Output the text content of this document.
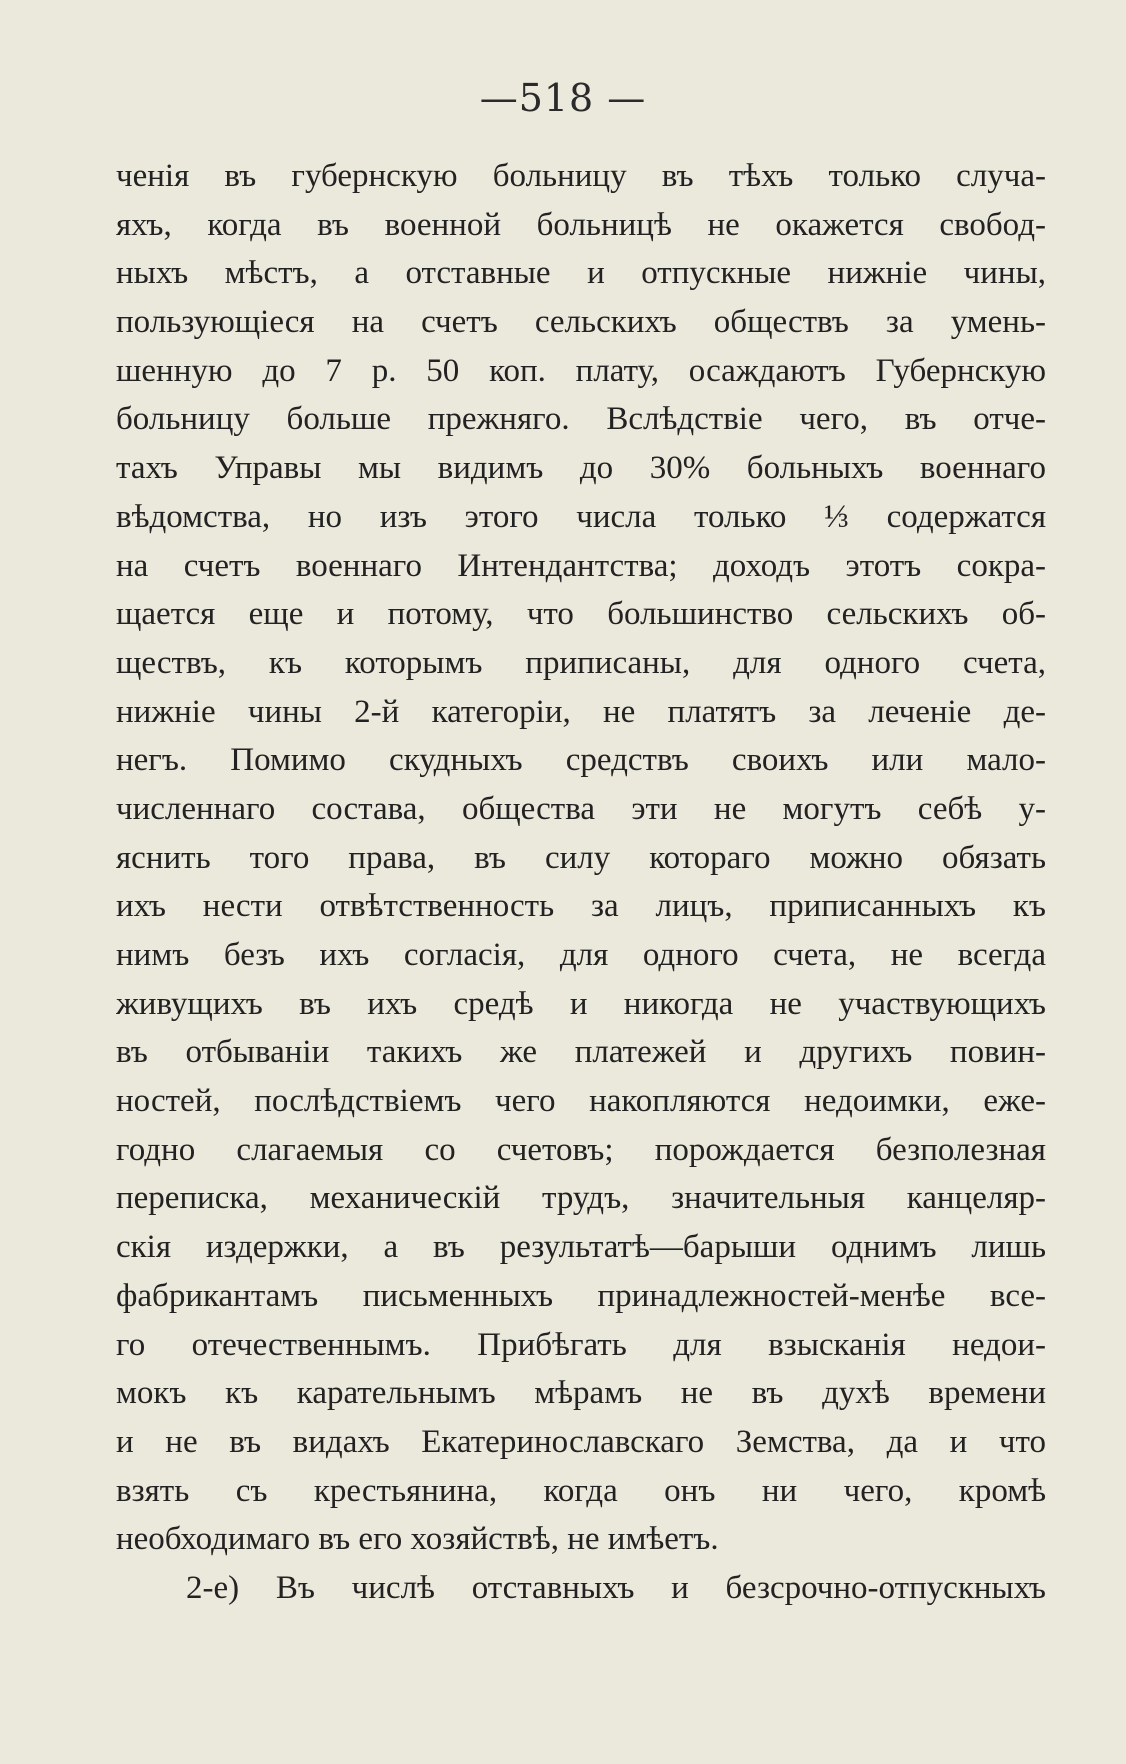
—518 —
ченія въ губернскую больницу въ тѣхъ только случа-
яхъ, когда въ военной больницѣ не окажется свобод-
ныхъ мѣстъ, а отставные и отпускные нижніе чины,
пользующіеся на счетъ сельскихъ обществъ за умень-
шенную до 7 р. 50 коп. плату, осаждаютъ Губернскую
больницу больше прежняго. Вслѣдствіе чего, въ отче-
тахъ Управы мы видимъ до 30% больныхъ военнаго
вѣдомства, но изъ этого числа только ⅓ содержатся
на счетъ военнаго Интендантства; доходъ этотъ сокра-
щается еще и потому, что большинство сельскихъ об-
ществъ, къ которымъ приписаны, для одного счета,
нижніе чины 2-й категоріи, не платятъ за леченіе де-
негъ. Помимо скудныхъ средствъ своихъ или мало-
численнаго состава, общества эти не могутъ себѣ у-
яснить того права, въ силу котораго можно обязать
ихъ нести отвѣтственность за лицъ, приписанныхъ къ
нимъ безъ ихъ согласія, для одного счета, не всегда
живущихъ въ ихъ средѣ и никогда не участвующихъ
въ отбываніи такихъ же платежей и другихъ повин-
ностей, послѣдствіемъ чего накопляются недоимки, еже-
годно слагаемыя со счетовъ; порождается безполезная
переписка, механическій трудъ, значительныя канцеляр-
скія издержки, а въ результатѣ—барыши однимъ лишь
фабрикантамъ письменныхъ принадлежностей-менѣе все-
го отечественнымъ. Прибѣгать для взысканія недои-
мокъ къ карательнымъ мѣрамъ не въ духѣ времени
и не въ видахъ Екатеринославскаго Земства, да и что
взять съ крестьянина, когда онъ ни чего, кромѣ
необходимаго въ его хозяйствѣ, не имѣетъ.
2-е) Въ числѣ отставныхъ и безсрочно-отпускныхъ
